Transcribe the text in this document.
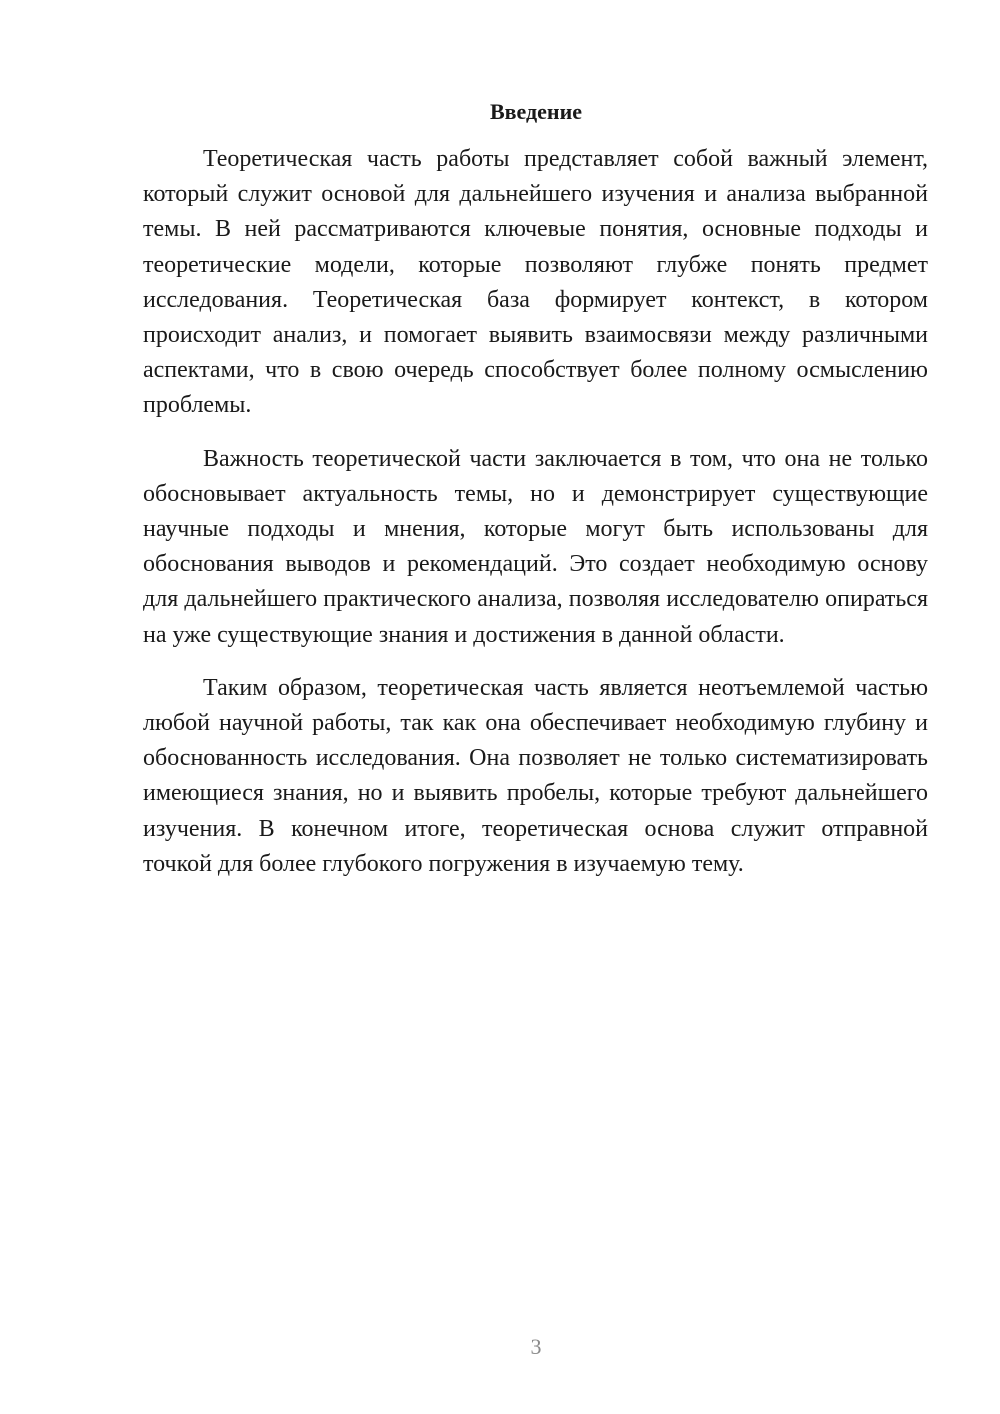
Введение

Теоретическая часть работы представляет собой важный элемент, который служит основой для дальнейшего изучения и анализа выбранной темы. В ней рассматриваются ключевые понятия, основные подходы и теоретические модели, которые позволяют глубже понять предмет исследования. Теоретическая база формирует контекст, в котором происходит анализ, и помогает выявить взаимосвязи между различными аспектами, что в свою очередь способствует более полному осмыслению проблемы.

Важность теоретической части заключается в том, что она не только обосновывает актуальность темы, но и демонстрирует существующие научные подходы и мнения, которые могут быть использованы для обоснования выводов и рекомендаций. Это создает необходимую основу для дальнейшего практического анализа, позволяя исследователю опираться на уже существующие знания и достижения в данной области.

Таким образом, теоретическая часть является неотъемлемой частью любой научной работы, так как она обеспечивает необходимую глубину и обоснованность исследования. Она позволяет не только систематизировать имеющиеся знания, но и выявить пробелы, которые требуют дальнейшего изучения. В конечном итоге, теоретическая основа служит отправной точкой для более глубокого погружения в изучаемую тему.

3
